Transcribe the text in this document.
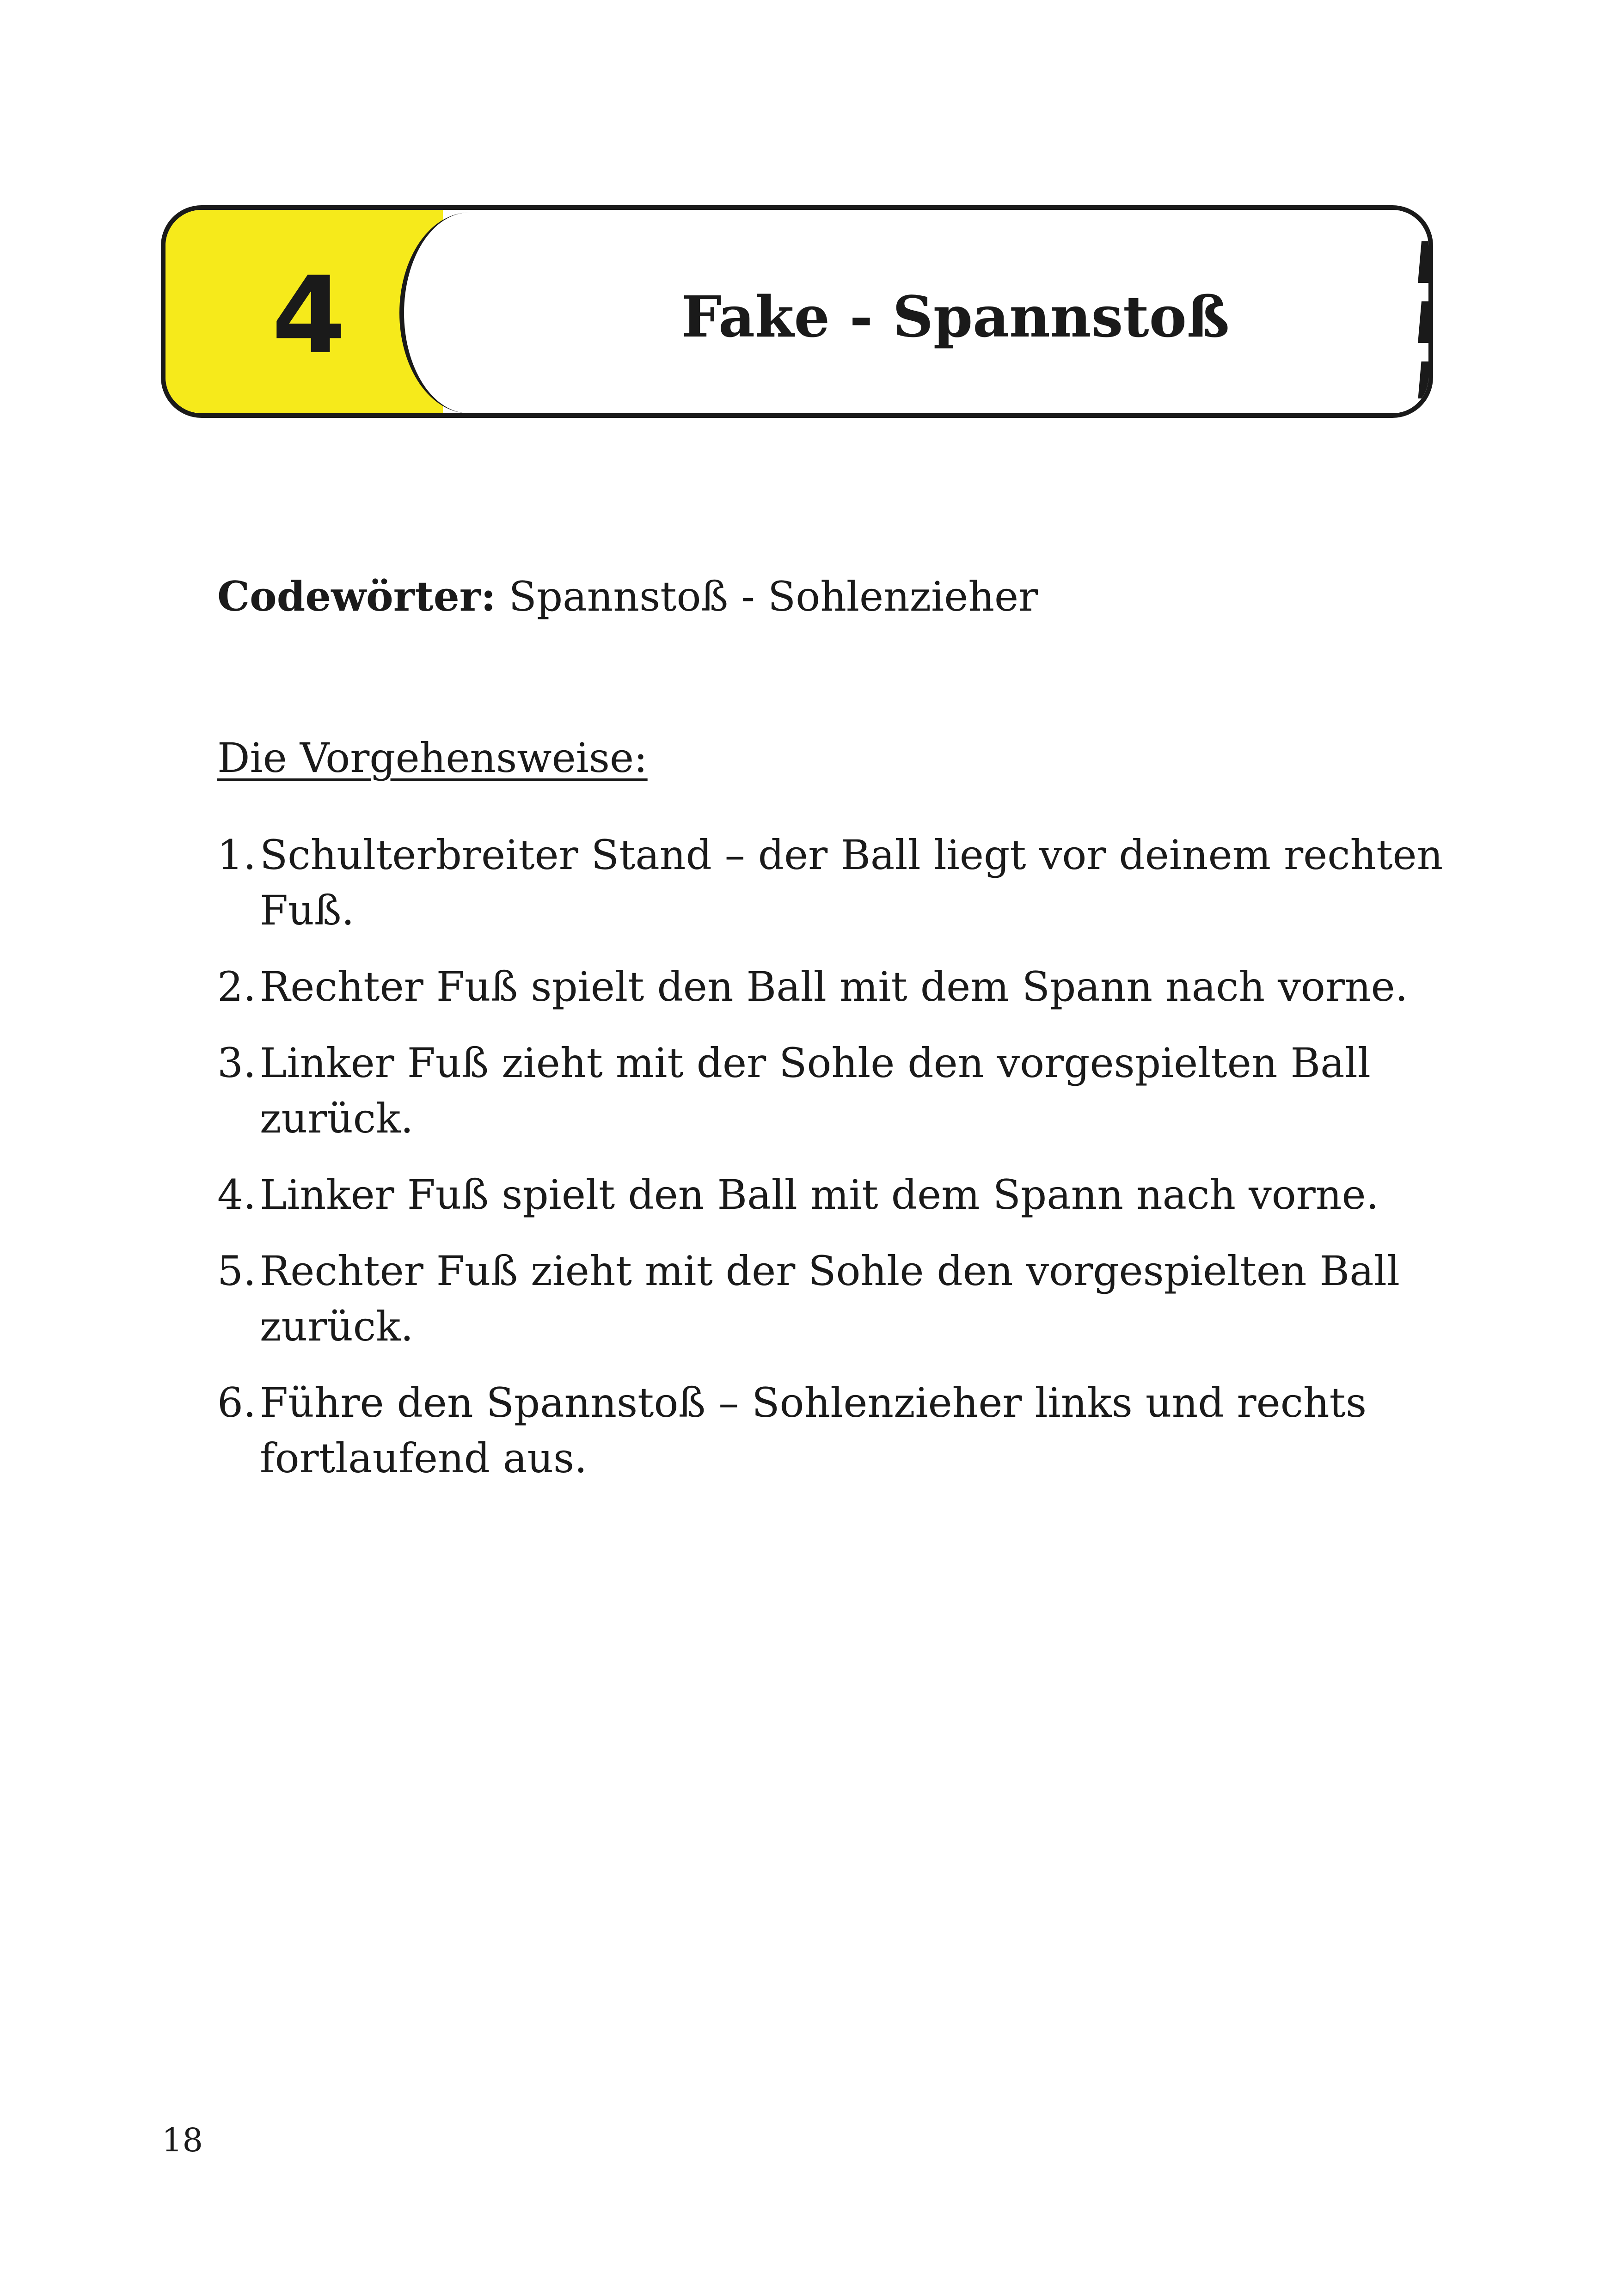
4	Fake - Spannstoß
Codewörter: Spannstoß - Sohlenzieher
Die Vorgehensweise:
1.Schulterbreiter Stand – der Ball liegt vor deinem rechten Fuß.
2.Rechter Fuß spielt den Ball mit dem Spann nach vorne.
3.Linker Fuß zieht mit der Sohle den vorgespielten Ball zurück.
4.Linker Fuß spielt den Ball mit dem Spann nach vorne.
5.Rechter Fuß zieht mit der Sohle den vorgespielten Ball zurück.
6.Führe den Spannstoß – Sohlenzieher links und rechts fortlaufend aus.
18
